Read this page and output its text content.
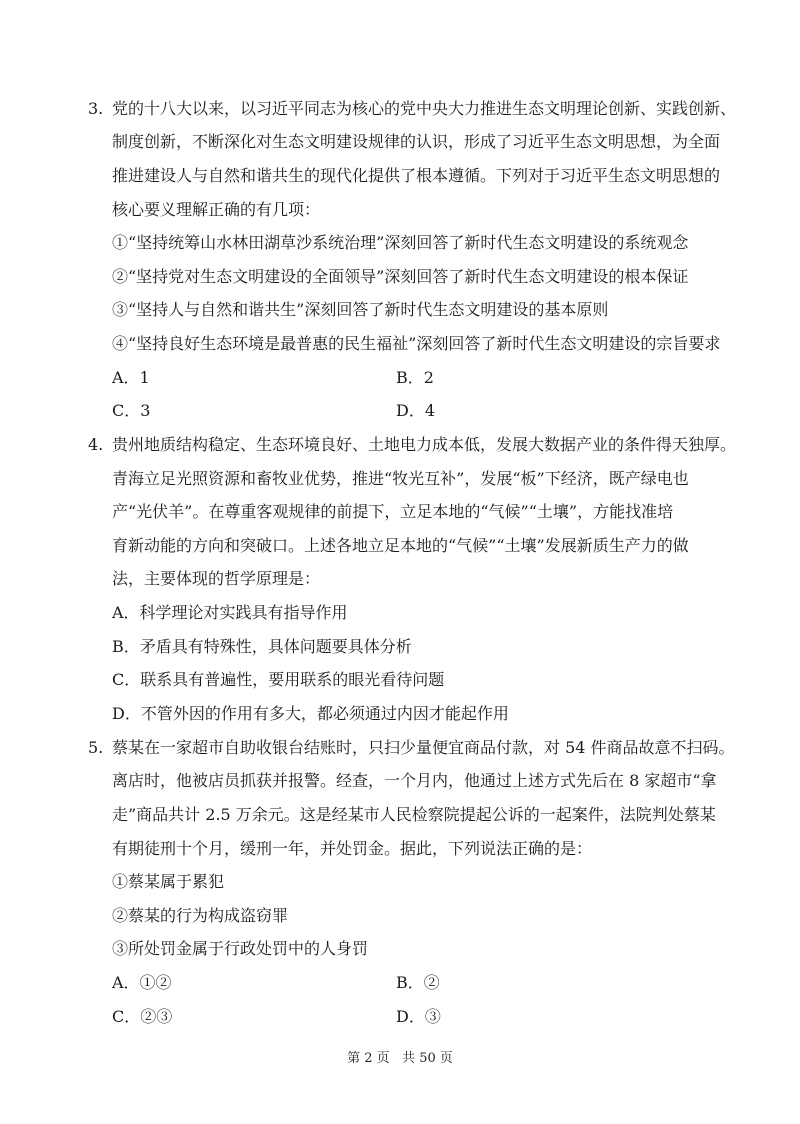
3. 党的十八大以来，以习近平同志为核心的党中央大力推进生态文明理论创新、实践创新、
制度创新，不断深化对生态文明建设规律的认识，形成了习近平生态文明思想，为全面
推进建设人与自然和谐共生的现代化提供了根本遵循。下列对于习近平生态文明思想的
核心要义理解正确的有几项：
①“坚持统筹山水林田湖草沙系统治理”深刻回答了新时代生态文明建设的系统观念
②“坚持党对生态文明建设的全面领导”深刻回答了新时代生态文明建设的根本保证
③“坚持人与自然和谐共生”深刻回答了新时代生态文明建设的基本原则
④“坚持良好生态环境是最普惠的民生福祉”深刻回答了新时代生态文明建设的宗旨要求
A．1	B．2
C．3	D．4
4. 贵州地质结构稳定、生态环境良好、土地电力成本低，发展大数据产业的条件得天独厚。
青海立足光照资源和畜牧业优势，推进“牧光互补”，发展“板”下经济，既产绿电也
产“光伏羊”。在尊重客观规律的前提下，立足本地的“气候”“土壤”，方能找准培
育新动能的方向和突破口。上述各地立足本地的“气候”“土壤”发展新质生产力的做
法，主要体现的哲学原理是：
A．科学理论对实践具有指导作用
B．矛盾具有特殊性，具体问题要具体分析
C．联系具有普遍性，要用联系的眼光看待问题
D．不管外因的作用有多大，都必须通过内因才能起作用
5. 蔡某在一家超市自助收银台结账时，只扫少量便宜商品付款，对 54 件商品故意不扫码。
离店时，他被店员抓获并报警。经查，一个月内，他通过上述方式先后在 8 家超市“拿
走”商品共计 2.5 万余元。这是经某市人民检察院提起公诉的一起案件，法院判处蔡某
有期徒刑十个月，缓刑一年，并处罚金。据此，下列说法正确的是：
①蔡某属于累犯
②蔡某的行为构成盗窃罪
③所处罚金属于行政处罚中的人身罚
A．①②	B．②
C．②③	D．③
第 2 页   共 50 页
